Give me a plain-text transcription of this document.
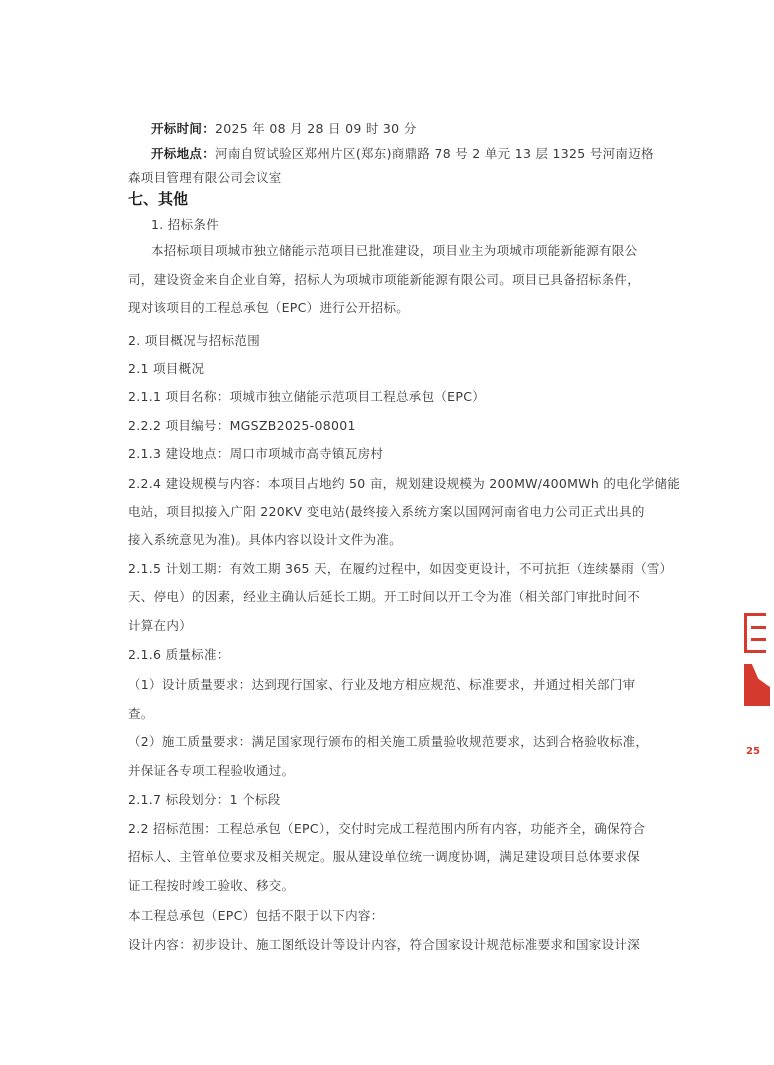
开标时间：2025 年 08 月 28 日 09 时 30 分
开标地点：河南自贸试验区郑州片区(郑东)商鼎路 78 号 2 单元 13 层 1325 号河南迈格
森项目管理有限公司会议室
七、其他
1. 招标条件
本招标项目项城市独立储能示范项目已批准建设，项目业主为项城市项能新能源有限公
司，建设资金来自企业自筹，招标人为项城市项能新能源有限公司。项目已具备招标条件，
现对该项目的工程总承包（EPC）进行公开招标。
2. 项目概况与招标范围
2.1 项目概况
2.1.1 项目名称：项城市独立储能示范项目工程总承包（EPC）
2.2.2 项目编号：MGSZB2025-08001
2.1.3 建设地点：周口市项城市高寺镇瓦房村
2.2.4 建设规模与内容：本项目占地约 50 亩，规划建设规模为 200MW/400MWh 的电化学储能
电站，项目拟接入广阳 220KV 变电站(最终接入系统方案以国网河南省电力公司正式出具的
接入系统意见为准)。具体内容以设计文件为准。
2.1.5 计划工期：有效工期 365 天，在履约过程中，如因变更设计，不可抗拒（连续暴雨（雪）
天、停电）的因素，经业主确认后延长工期。开工时间以开工令为准（相关部门审批时间不
计算在内）
2.1.6 质量标准：
（1）设计质量要求：达到现行国家、行业及地方相应规范、标准要求，并通过相关部门审
查。
（2）施工质量要求：满足国家现行颁布的相关施工质量验收规范要求，达到合格验收标准，
并保证各专项工程验收通过。
2.1.7 标段划分：1 个标段
2.2 招标范围：工程总承包（EPC），交付时完成工程范围内所有内容，功能齐全，确保符合
招标人、主管单位要求及相关规定。服从建设单位统一调度协调，满足建设项目总体要求保
证工程按时竣工验收、移交。
本工程总承包（EPC）包括不限于以下内容：
设计内容：初步设计、施工图纸设计等设计内容，符合国家设计规范标准要求和国家设计深
25
